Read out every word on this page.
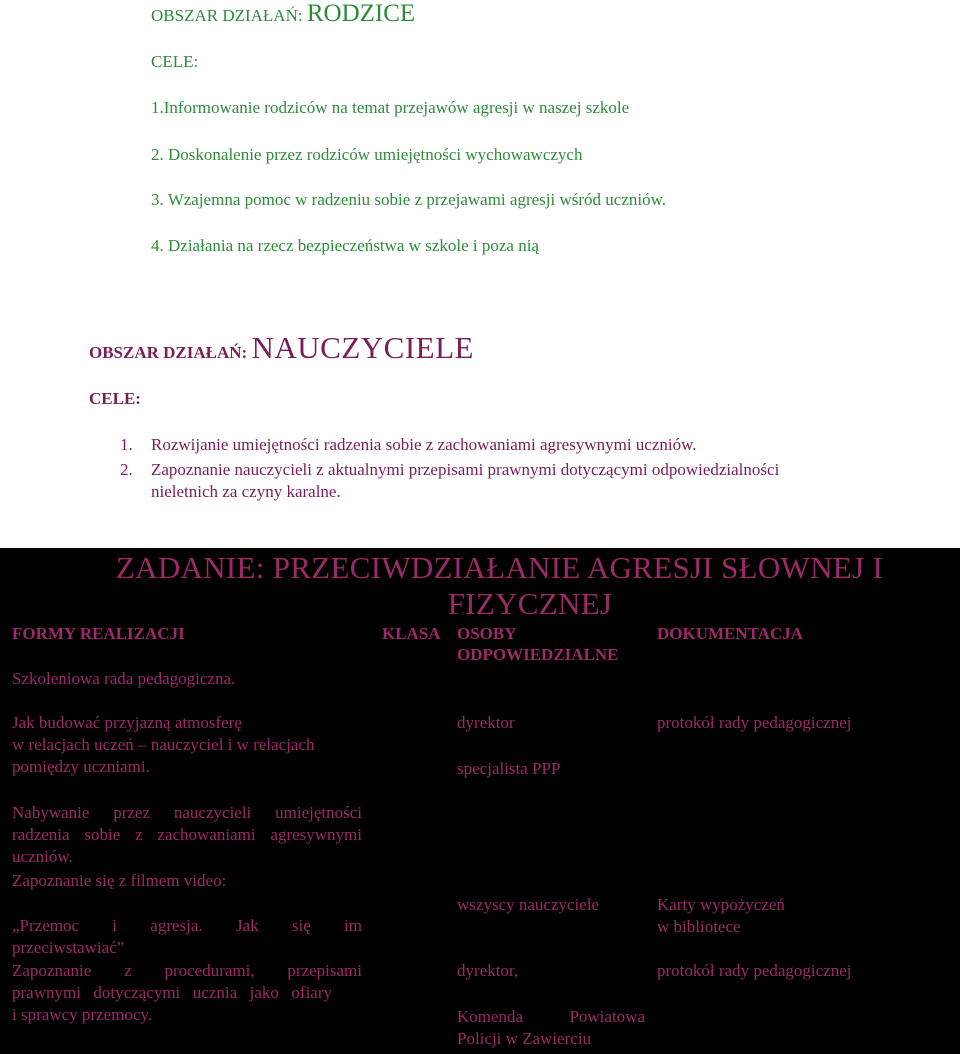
OBSZAR DZIAŁAŃ: RODZICE
CELE:
1.Informowanie rodziców na temat przejawów agresji w naszej szkole
2. Doskonalenie przez rodziców umiejętności wychowawczych
3. Wzajemna pomoc w radzeniu sobie z przejawami agresji wśród uczniów.
4. Działania na rzecz bezpieczeństwa w szkole i poza nią
OBSZAR DZIAŁAŃ: NAUCZYCIELE
CELE:
1. Rozwijanie umiejętności radzenia sobie z zachowaniami agresywnymi uczniów.
2. Zapoznanie nauczycieli z aktualnymi przepisami prawnymi dotyczącymi odpowiedzialności
nieletnich za czyny karalne.
ZADANIE: PRZECIWDZIAŁANIE AGRESJI SŁOWNEJ I
FIZYCZNEJ
FORMY REALIZACJI	KLASA OSOBY
ODPOWIEDZIALNE
DOKUMENTACJA
Szkoleniowa rada pedagogiczna.
Jak budować przyjazną atmosferę
w relacjach uczeń – nauczyciel i w relacjach
pomiędzy uczniami.
Nabywanie przez nauczycieli umiejętności
radzenia sobie z zachowaniami agresywnymi
uczniów.
Zapoznanie się z filmem video:
„Przemoc i agresja. Jak się im
przeciwstawiać”
Zapoznanie z procedurami, przepisami
prawnymi dotyczącymi ucznia jako ofiary
i sprawcy przemocy.
dyrektor
specjalista PPP
wszyscy nauczyciele
dyrektor,
Komenda Powiatowa
Policji w Zawierciu
protokół rady pedagogicznej
Karty wypożyczeń
w bibliotece
protokół rady pedagogicznej
